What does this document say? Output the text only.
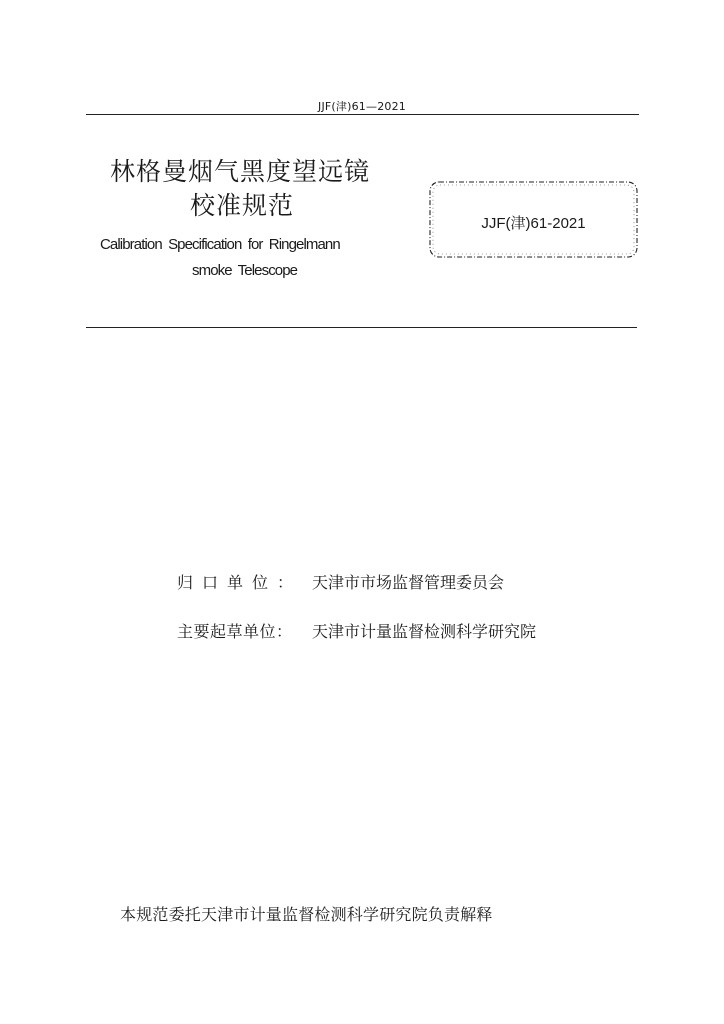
JJF(津)61—2021
林格曼烟气黑度望远镜
校准规范
Calibration Specification for Ringelmann
smoke Telescope
JJF(津)61-2021
归口单位： 天津市市场监督管理委员会
主要起草单位： 天津市计量监督检测科学研究院
本规范委托天津市计量监督检测科学研究院负责解释
